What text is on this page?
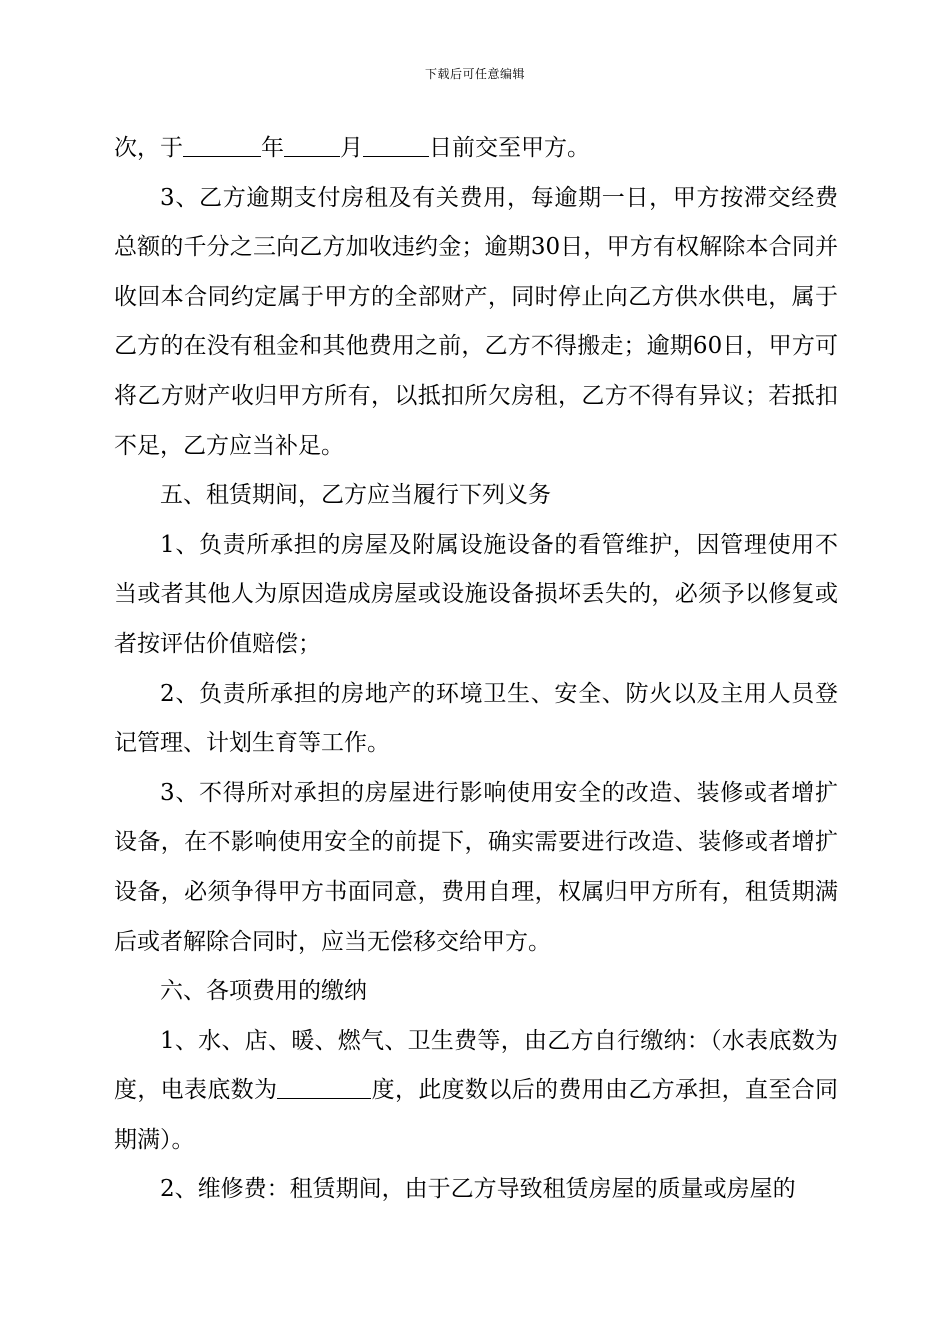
下载后可任意编辑

次，于	年 月	日前交至甲方。

3、乙方逾期支付房租及有关费用，每逾期一日，甲方按滞交经费总额的千分之三向乙方加收违约金；逾期30日，甲方有权解除本合同并收回本合同约定属于甲方的全部财产，同时停止向乙方供水供电，属于乙方的在没有租金和其他费用之前，乙方不得搬走；逾期60日，甲方可将乙方财产收归甲方所有，以抵扣所欠房租，乙方不得有异议；若抵扣不足，乙方应当补足。

五、租赁期间，乙方应当履行下列义务

1、负责所承担的房屋及附属设施设备的看管维护，因管理使用不当或者其他人为原因造成房屋或设施设备损坏丢失的，必须予以修复或者按评估价值赔偿；

2、负责所承担的房地产的环境卫生、安全、防火以及主用人员登记管理、计划生育等工作。

3、不得所对承担的房屋进行影响使用安全的改造、装修或者增扩设备，在不影响使用安全的前提下，确实需要进行改造、装修或者增扩设备，必须争得甲方书面同意，费用自理，权属归甲方所有，租赁期满后或者解除合同时，应当无偿移交给甲方。

六、各项费用的缴纳

1、水、店、暖、燃气、卫生费等，由乙方自行缴纳：（水表底数为度，电表底数为	度，此度数以后的费用由乙方承担，直至合同期满）。

2、维修费：租赁期间，由于乙方导致租赁房屋的质量或房屋的
